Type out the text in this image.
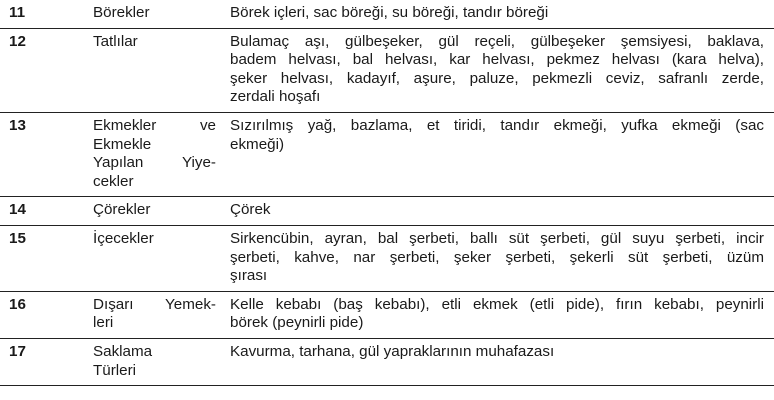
11	Börekler	Börek içleri, sac böreği, su böreği, tandır böreği

12	Tatlılar	Bulamaç aşı, gülbeşeker, gül reçeli, gülbeşeker şemsiyesi, baklava,
badem helvası, bal helvası, kar helvası, pekmez helvası (kara helva),
şeker helvası, kadayıf, aşure, paluze, pekmezli ceviz, safranlı zerde,
zerdali hoşafı

13	Ekmekler ve
Ekmekle
Yapılan Yiye-
cekler	Sızırılmış yağ, bazlama, et tiridi, tandır ekmeği, yufka ekmeği (sac
ekmeği)

14	Çörekler	Çörek

15	İçecekler	Sirkencübin, ayran, bal şerbeti, ballı süt şerbeti, gül suyu şerbeti, incir
şerbeti, kahve, nar şerbeti, şeker şerbeti, şekerli süt şerbeti, üzüm
şırası

16	Dışarı Yemek-
leri	Kelle kebabı (baş kebabı), etli ekmek (etli pide), fırın kebabı, peynirli
börek (peynirli pide)

17	Saklama
Türleri	Kavurma, tarhana, gül yapraklarının muhafazası
